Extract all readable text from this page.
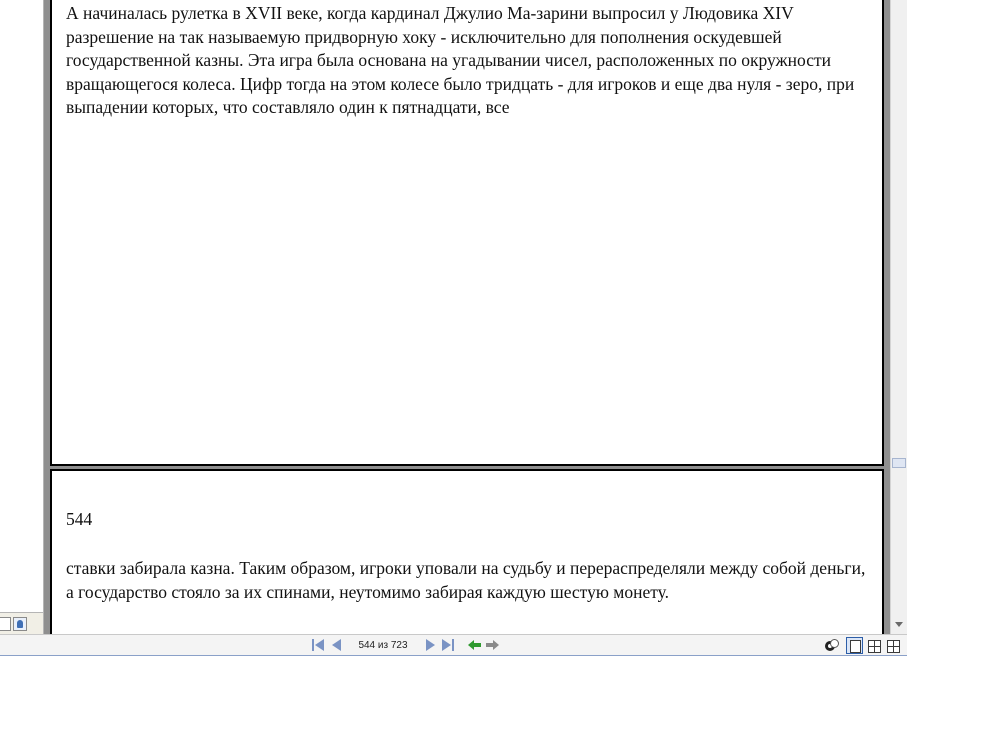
А начиналась рулетка в XVII веке, когда кардинал Джулио Ма-зарини выпросил у Людовика XIV разрешение на так называемую придворную хоку - исключительно для пополнения оскудевшей государственной казны. Эта игра была основана на угадывании чисел, расположенных по окружности вращающегося колеса. Цифр тогда на этом колесе было тридцать - для игроков и еще два нуля - зеро, при выпадении которых, что составляло один к пятнадцати, все
544
ставки забирала казна. Таким образом, игроки уповали на судьбу и перераспределяли между собой деньги, а государство стояло за их спинами, неутомимо забирая каждую шестую монету.
544 из 723
